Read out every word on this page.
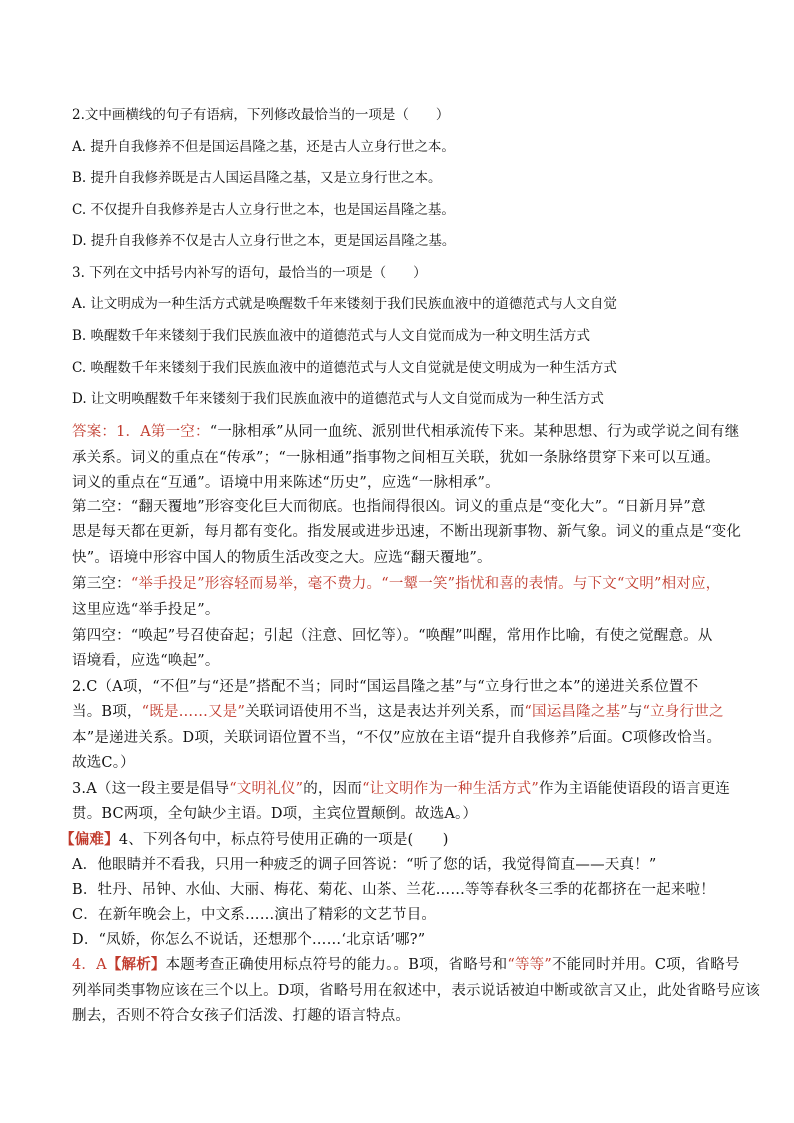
2.文中画横线的句子有语病，下列修改最恰当的一项是（　　）
A. 提升自我修养不但是国运昌隆之基，还是古人立身行世之本。
B. 提升自我修养既是古人国运昌隆之基，又是立身行世之本。
C. 不仅提升自我修养是古人立身行世之本，也是国运昌隆之基。
D. 提升自我修养不仅是古人立身行世之本，更是国运昌隆之基。
3. 下列在文中括号内补写的语句，最恰当的一项是（　　）
A. 让文明成为一种生活方式就是唤醒数千年来镂刻于我们民族血液中的道德范式与人文自觉
B. 唤醒数千年来镂刻于我们民族血液中的道德范式与人文自觉而成为一种文明生活方式
C. 唤醒数千年来镂刻于我们民族血液中的道德范式与人文自觉就是使文明成为一种生活方式
D. 让文明唤醒数千年来镂刻于我们民族血液中的道德范式与人文自觉而成为一种生活方式
答案：1．A第一空：“一脉相承”从同一血统、派别世代相承流传下来。某种思想、行为或学说之间有继
承关系。词义的重点在“传承”；“一脉相通”指事物之间相互关联，犹如一条脉络贯穿下来可以互通。
词义的重点在“互通”。语境中用来陈述“历史”，应选“一脉相承”。
第二空：“翻天覆地”形容变化巨大而彻底。也指闹得很凶。词义的重点是“变化大”。“日新月异”意
思是每天都在更新，每月都有变化。指发展或进步迅速，不断出现新事物、新气象。词义的重点是“变化
快”。语境中形容中国人的物质生活改变之大。应选“翻天覆地”。
第三空：“举手投足”形容轻而易举，毫不费力。“一颦一笑”指忧和喜的表情。与下文“文明”相对应，
这里应选“举手投足”。
第四空：“唤起”号召使奋起；引起（注意、回忆等）。“唤醒”叫醒，常用作比喻，有使之觉醒意。从
语境看，应选“唤起”。
2.C（A项，“不但”与“还是”搭配不当；同时“国运昌隆之基”与“立身行世之本”的递进关系位置不
当。B项，“既是……又是”关联词语使用不当，这是表达并列关系，而“国运昌隆之基”与“立身行世之
本”是递进关系。D项，关联词语位置不当，“不仅”应放在主语“提升自我修养”后面。C项修改恰当。
故选C。）
3.A（这一段主要是倡导“文明礼仪”的，因而“让文明作为一种生活方式”作为主语能使语段的语言更连
贯。BC两项，全句缺少主语。D项，主宾位置颠倒。故选A。）
【偏难】4、下列各句中，标点符号使用正确的一项是(　　)
A．他眼睛并不看我，只用一种疲乏的调子回答说：“听了您的话，我觉得简直——天真！”
B．牡丹、吊钟、水仙、大丽、梅花、菊花、山茶、兰花……等等春秋冬三季的花都挤在一起来啦！
C．在新年晚会上，中文系……演出了精彩的文艺节目。
D．“凤娇，你怎么不说话，还想那个……‘北京话’哪?”
4．A【解析】本题考查正确使用标点符号的能力。。B项，省略号和“等等”不能同时并用。C项，省略号
列举同类事物应该在三个以上。D项，省略号用在叙述中，表示说话被迫中断或欲言又止，此处省略号应该
删去，否则不符合女孩子们活泼、打趣的语言特点。
